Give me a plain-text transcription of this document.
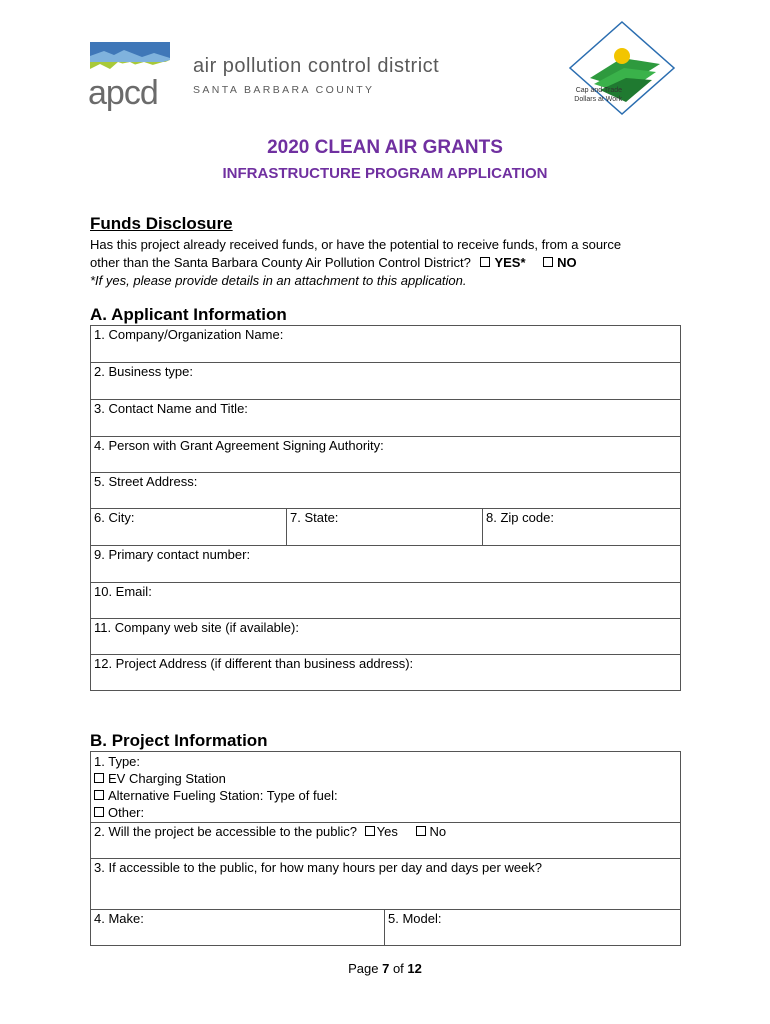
apcd
air pollution control district
SANTA BARBARA COUNTY	Cap and Trade
Dollars at Work
2020 CLEAN AIR GRANTS
INFRASTRUCTURE PROGRAM APPLICATION
Funds Disclosure
Has this project already received funds, or have the potential to receive funds, from a source
other than the Santa Barbara County Air Pollution Control District? YES* NO
*If yes, please provide details in an attachment to this application.
A. Applicant Information
1. Company/Organization Name:
2. Business type:
3. Contact Name and Title:
4. Person with Grant Agreement Signing Authority:
5. Street Address:
6. City:	7. State:	8. Zip code:
9. Primary contact number:
10. Email:
11. Company web site (if available):
12. Project Address (if different than business address):
B. Project Information
1. Type:
EV Charging Station
Alternative Fueling Station: Type of fuel:
Other:

2. Will the project be accessible to the public? Yes No
3. If accessible to the public, for how many hours per day and days per week?
4. Make:	5. Model:
Page 7 of 12
